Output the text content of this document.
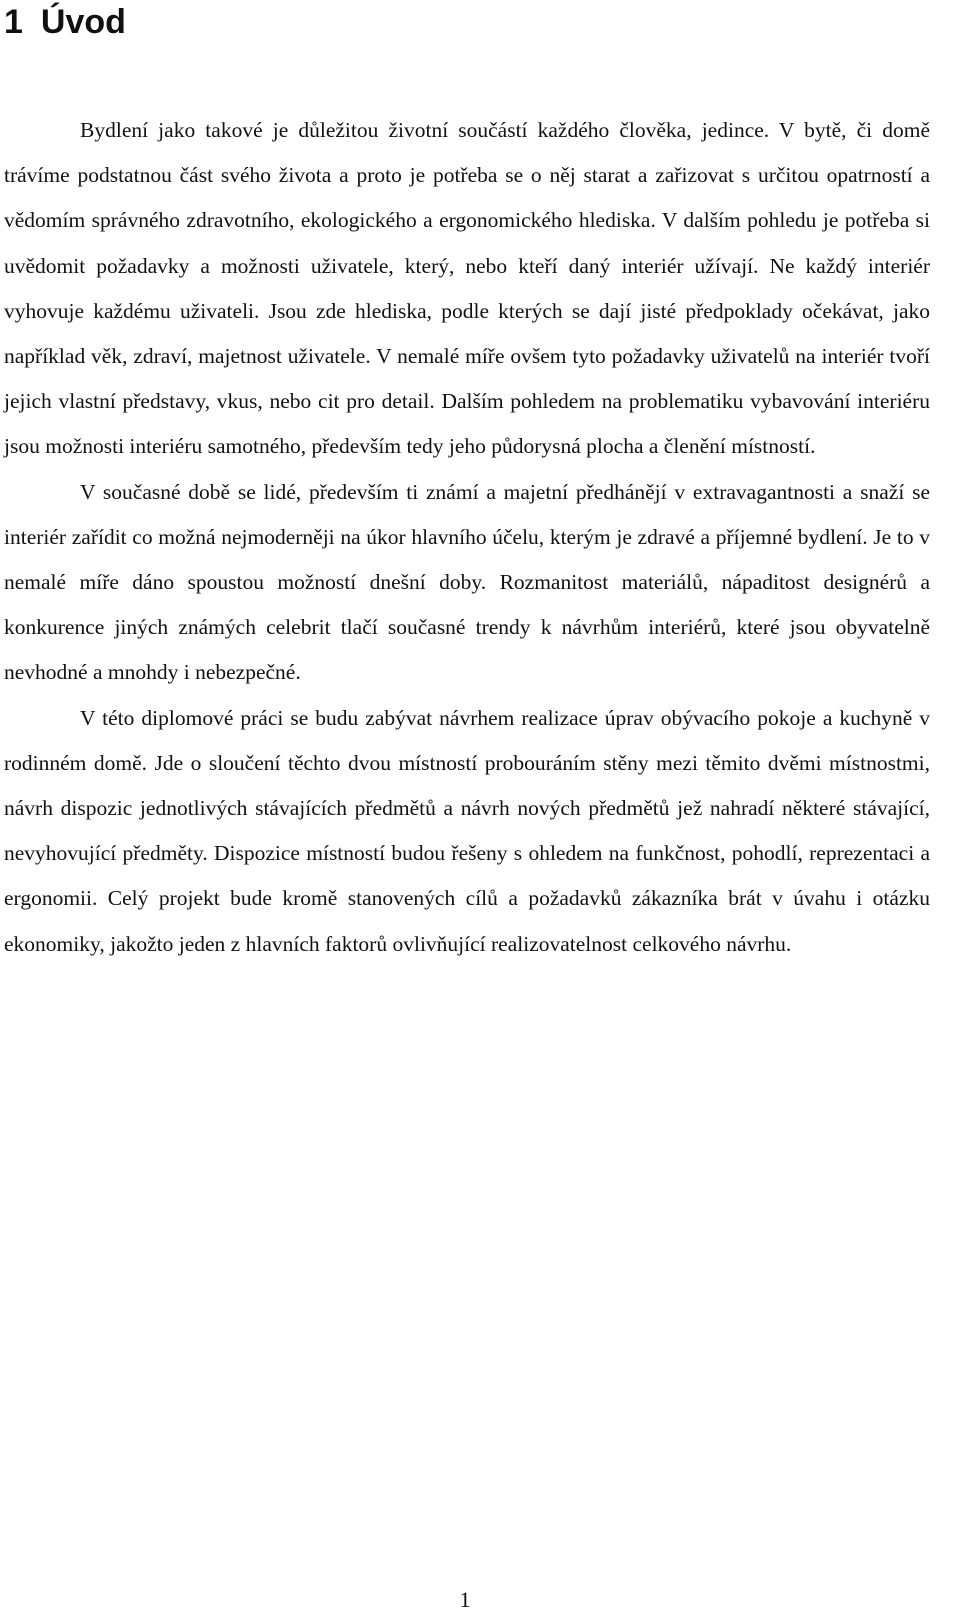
1 Úvod

Bydlení jako takové je důležitou životní součástí každého člověka, jedince. V bytě, či domě trávíme podstatnou část svého života a proto je potřeba se o něj starat a zařizovat s určitou opatrností a vědomím správného zdravotního, ekologického a ergonomického hlediska. V dalším pohledu je potřeba si uvědomit požadavky a možnosti uživatele, který, nebo kteří daný interiér užívají. Ne každý interiér vyhovuje každému uživateli. Jsou zde hlediska, podle kterých se dají jisté předpoklady očekávat, jako například věk, zdraví, majetnost uživatele. V nemalé míře ovšem tyto požadavky uživatelů na interiér tvoří jejich vlastní představy, vkus, nebo cit pro detail. Dalším pohledem na problematiku vybavování interiéru jsou možnosti interiéru samotného, především tedy jeho půdorysná plocha a členění místností.

V současné době se lidé, především ti známí a majetní předhánějí v extravagantnosti a snaží se interiér zařídit co možná nejmoderněji na úkor hlavního účelu, kterým je zdravé a příjemné bydlení. Je to v nemalé míře dáno spoustou možností dnešní doby. Rozmanitost materiálů, nápaditost designérů a konkurence jiných známých celebrit tlačí současné trendy k návrhům interiérů, které jsou obyvatelně nevhodné a mnohdy i nebezpečné.

V této diplomové práci se budu zabývat návrhem realizace úprav obývacího pokoje a kuchyně v rodinném domě. Jde o sloučení těchto dvou místností probouráním stěny mezi těmito dvěmi místnostmi, návrh dispozic jednotlivých stávajících předmětů a návrh nových předmětů jež nahradí některé stávající, nevyhovující předměty. Dispozice místností budou řešeny s ohledem na funkčnost, pohodlí, reprezentaci a ergonomii. Celý projekt bude kromě stanovených cílů a požadavků zákazníka brát v úvahu i otázku ekonomiky, jakožto jeden z hlavních faktorů ovlivňující realizovatelnost celkového návrhu.

1
